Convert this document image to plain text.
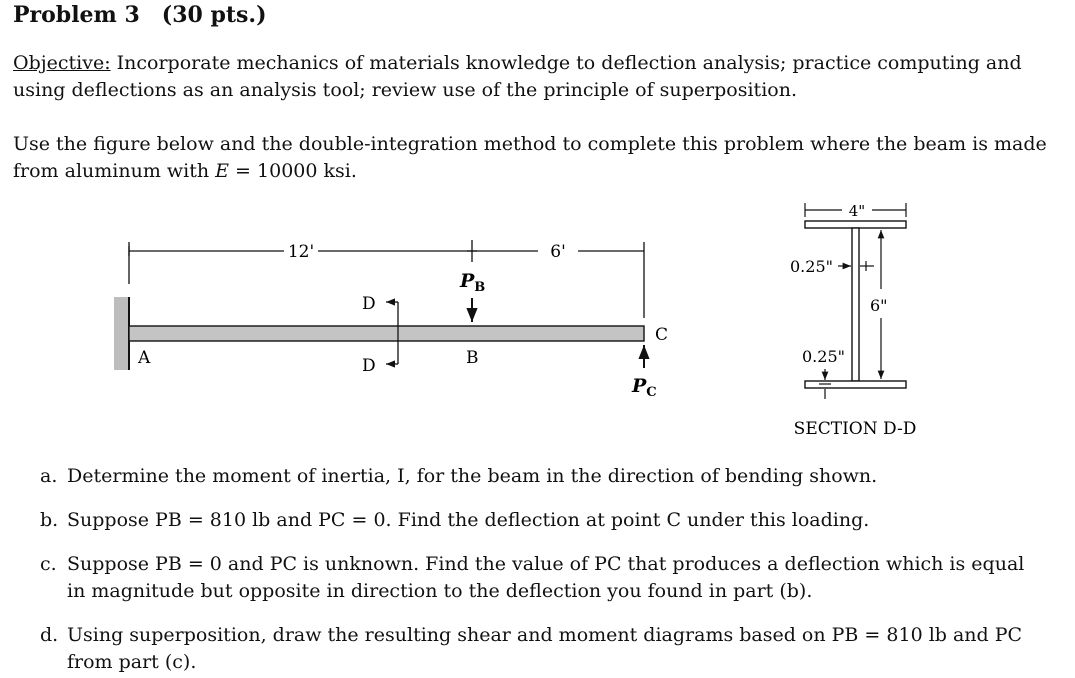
Problem 3 (30 pts.)
Objective: Incorporate mechanics of materials knowledge to deflection analysis; practice computing and
using deflections as an analysis tool; review use of the principle of superposition.
Use the figure below and the double-integration method to complete this problem where the beam is made
from aluminum with E = 10000 ksi.
12'	6'
$P_B$
D
D
A	B
C
$P_C$
4"
0.25"
6"
0.25"
SECTION D-D
a. Determine the moment of inertia, I, for the beam in the direction of bending shown.
b. Suppose PB = 810 lb and PC = 0. Find the deflection at point C under this loading.
c. Suppose PB = 0 and PC is unknown. Find the value of PC that produces a deflection which is equal
in magnitude but opposite in direction to the deflection you found in part (b).
d. Using superposition, draw the resulting shear and moment diagrams based on PB = 810 lb and PC
from part (c).
